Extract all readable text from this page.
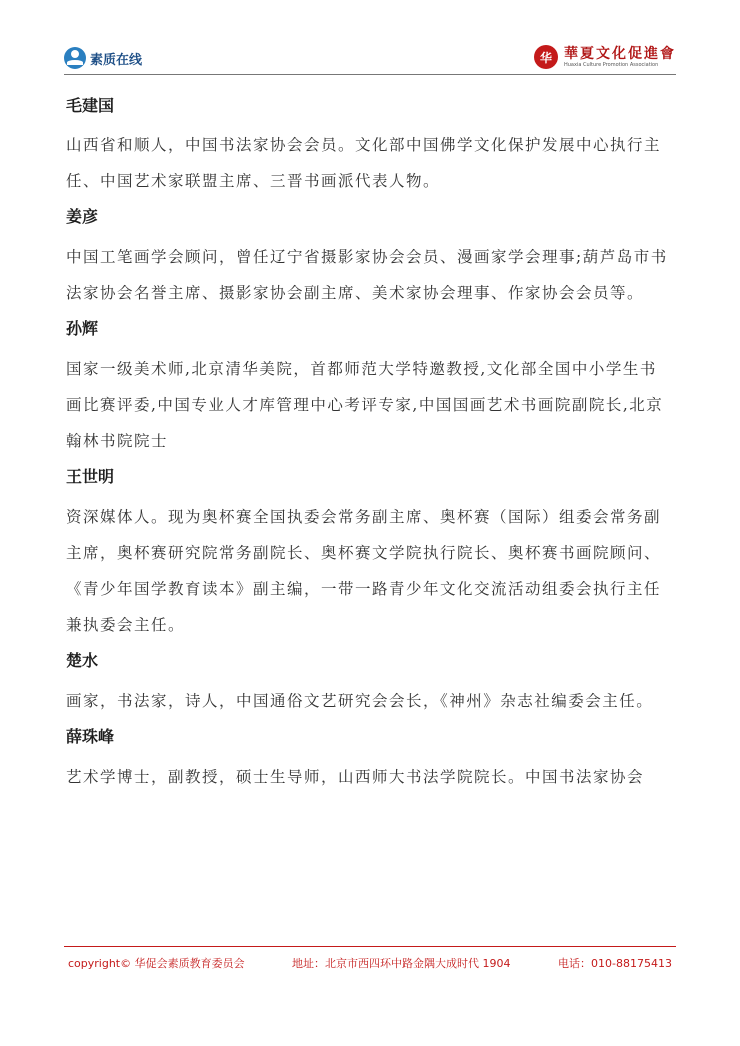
素质在线	华 華夏文化促進會
Huaxia Culture Promotion Association

毛建国

山西省和顺人，中国书法家协会会员。文化部中国佛学文化保护发展中心执行主任、中国艺术家联盟主席、三晋书画派代表人物。

姜彦

中国工笔画学会顾问，曾任辽宁省摄影家协会会员、漫画家学会理事;葫芦岛市书法家协会名誉主席、摄影家协会副主席、美术家协会理事、作家协会会员等。

孙辉

国家一级美术师,北京清华美院，首都师范大学特邀教授,文化部全国中小学生书画比赛评委,中国专业人才库管理中心考评专家,中国国画艺术书画院副院长,北京翰林书院院士

王世明

资深媒体人。现为奥杯赛全国执委会常务副主席、奥杯赛（国际）组委会常务副主席，奥杯赛研究院常务副院长、奥杯赛文学院执行院长、奥杯赛书画院顾问、《青少年国学教育读本》副主编，一带一路青少年文化交流活动组委会执行主任兼执委会主任。

楚水

画家，书法家，诗人，中国通俗文艺研究会会长，《神州》杂志社编委会主任。

薛珠峰

艺术学博士，副教授，硕士生导师，山西师大书法学院院长。中国书法家协会

copyright© 华促会素质教育委员会	地址：北京市西四环中路金隅大成时代 1904	电话：010-88175413
